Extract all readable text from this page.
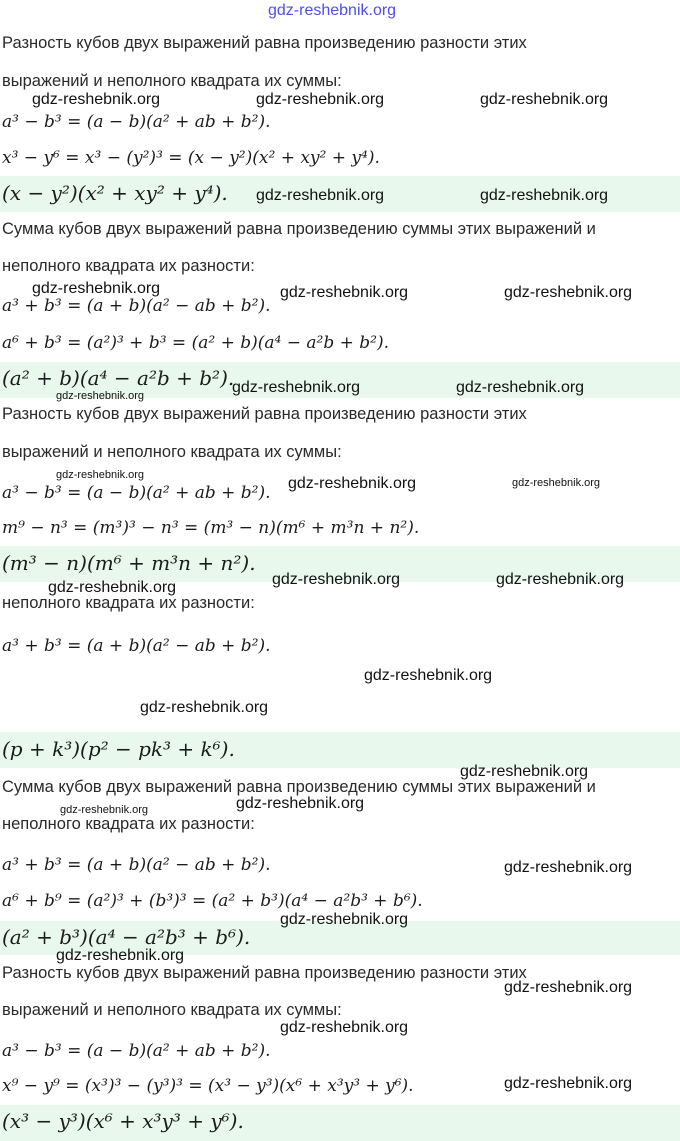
gdz-reshebnik.org
Разность кубов двух выражений равна произведению разности этих
выражений и неполного квадрата их суммы:
a³ − b³ = (a − b)(a² + ab + b²).
x³ − y⁶ = x³ − (y²)³ = (x − y²)(x² + xy² + y⁴).
(x − y²)(x² + xy² + y⁴).
Сумма кубов двух выражений равна произведению суммы этих выражений и
неполного квадрата их разности:
a³ + b³ = (a + b)(a² − ab + b²).
a⁶ + b³ = (a²)³ + b³ = (a² + b)(a⁴ − a²b + b²).
(a² + b)(a⁴ − a²b + b²).
Разность кубов двух выражений равна произведению разности этих
выражений и неполного квадрата их суммы:
a³ − b³ = (a − b)(a² + ab + b²).
m⁹ − n³ = (m³)³ − n³ = (m³ − n)(m⁶ + m³n + n²).
(m³ − n)(m⁶ + m³n + n²).
неполного квадрата их разности:
a³ + b³ = (a + b)(a² − ab + b²).
(p + k³)(p² − pk³ + k⁶).
Сумма кубов двух выражений равна произведению суммы этих выражений и
неполного квадрата их разности:
a³ + b³ = (a + b)(a² − ab + b²).
a⁶ + b⁹ = (a²)³ + (b³)³ = (a² + b³)(a⁴ − a²b³ + b⁶).
(a² + b³)(a⁴ − a²b³ + b⁶).
Разность кубов двух выражений равна произведению разности этих
выражений и неполного квадрата их суммы:
a³ − b³ = (a − b)(a² + ab + b²).
x⁹ − y⁹ = (x³)³ − (y³)³ = (x³ − y³)(x⁶ + x³y³ + y⁶).
(x³ − y³)(x⁶ + x³y³ + y⁶).
gdz-reshebnik.org	gdz-reshebnik.org	gdz-reshebnik.org
gdz-reshebnik.org	gdz-reshebnik.org
gdz-reshebnik.org	gdz-reshebnik.org	gdz-reshebnik.org
gdz-reshebnik.org	gdz-reshebnik.org
gdz-reshebnik.org
gdz-reshebnik.org	gdz-reshebnik.org	gdz-reshebnik.org
gdz-reshebnik.org	gdz-reshebnik.org
gdz-reshebnik.org
gdz-reshebnik.org
gdz-reshebnik.org
gdz-reshebnik.org
gdz-reshebnik.org
gdz-reshebnik.org
gdz-reshebnik.org
gdz-reshebnik.org
gdz-reshebnik.org
gdz-reshebnik.org
gdz-reshebnik.org
gdz-reshebnik.org
